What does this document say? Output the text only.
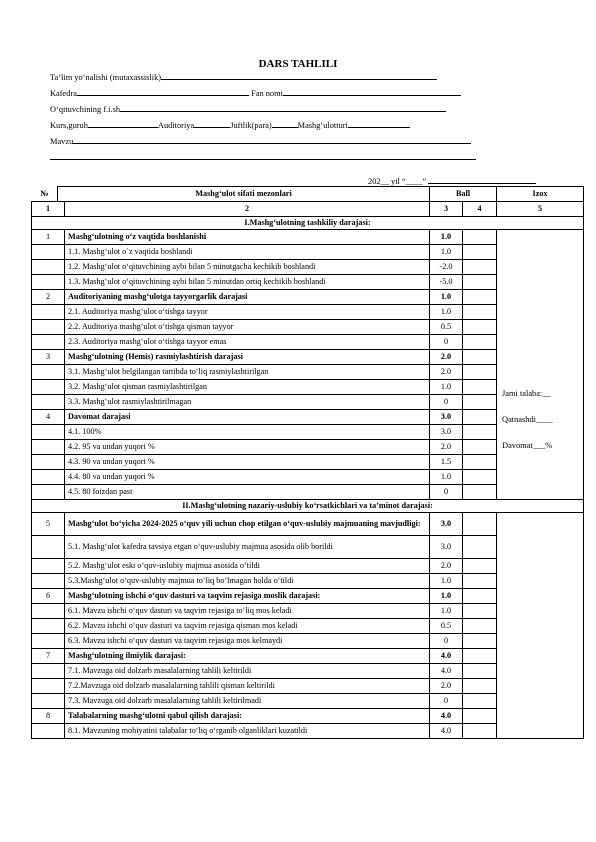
DARS TAHLILI
Ta‘lim yo‘nalishi (mutaxassislik)
Kafedra	Fan nomi
O‘qituvchining f.i.sh
Kurs,guruh	Auditoriya	Juftlik(para)	Mashg‘ulotturi
Mavzu
202__ yil “____”
№	Mashg‘ulot sifati mezonlari		Ball		Izox
1		2	3	4	5
I.Mashg‘ulotning tashkiliy darajasi:					
1		Mashg‘ulotning o‘z vaqtida boshlanishi	1.0		Jami talaba:__
Qatnashdi____
Davomat___%

		1.1. Mashg‘ulot o`z vaqtida boshlandi	1.0		
		1.2. Mashg‘ulot o‘qituvchining aybi bilan 5 minutgacha kechikib boshlandi	-2.0		
		1.3. Mashg‘ulot o‘qituvchining aybi bilan 5 minutdan ortiq kechikib boshlandi	-5.0		
2		Auditoriyaning mashg‘ulotga tayyorgarlik darajasi	1.0		
		2.1. Auditoriya mashg‘ulot o‘tishga tayyor	1.0		
		2.2. Auditoriya mashg‘ulot o‘tishga qisman tayyor	0.5		
		2.3. Auditoriya mashg‘ulot o‘tishga tayyor emas	0		
3		Mashg‘ulotning (Hemis) rasmiylashtirish darajasi	2.0		
		3.1. Mashg‘ulot belgilangan tartibda to‘liq rasmiylashtirilgan	2.0		
		3.2. Mashg‘ulot qisman rasmiylashtirilgan	1.0		
		3.3. Mashg‘ulot rasmiylashtirilmagan	0		
4		Davomat darajasi	3.0		
		4.1. 100%	3.0		
		4.2. 95 va undan yuqori %	2.0		
		4.3. 90 va undan yuqori %	1.5		
		4.4. 80 va undan yuqori %	1.0		
		4.5. 80 foizdan past	0		
II.Mashg‘ulotning nazariy-uslubiy ko‘rsatkichlari va ta’minot darajasi:					
5		Mashg‘ulot bo‘yicha 2024-2025 o‘quv yili uchun chop etilgan o‘quv-uslubiy majmuaning mavjudligi:	3.0		
		5.1. Mashg‘ulot kafedra tavsiya etgan o‘quv-uslubiy majmua asosida olib borildi	3.0		
		5.2. Mashg‘ulot eski o‘quv-uslubiy majmua asosida o‘tildi	2.0		
		5.3.Mashg‘ulot o‘quv-uslubiy majmua to‘liq bo‘lmagan holda o‘tildi	1.0		
6		Mashg‘ulotning ishchi o‘quv dasturi va taqvim rejasiga moslik darajasi:	1.0		
		6.1. Mavzu ishchi o‘quv dasturi va taqvim rejasiga to‘liq mos keladi	1.0		
		6.2. Mavzu ishchi o‘quv dasturi va taqvim rejasiga qisman mos keladi	0.5		
		6.3. Mavzu ishchi o‘quv dasturi va taqvim rejasiga mos kelmaydi	0		
7		Mashg‘ulotning ilmiylik darajasi:	4.0		
		7.1. Mavzuga oid dolzarb masalalarning tahlili keltirildi	4.0		
		7.2.Mavzuga oid dolzarb masalalarning tahlili qisman keltirildi	2.0		
		7.3. Mavzuga oid dolzarb masalalarning tahlili keltirilmadi	0		
8		Talabalarning mashg‘ulotni qabul qilish darajasi:	4.0		
		8.1. Mavzuning mohiyatini talabalar to‘liq o‘rganib olganliklari kuzatildi	4.0		
